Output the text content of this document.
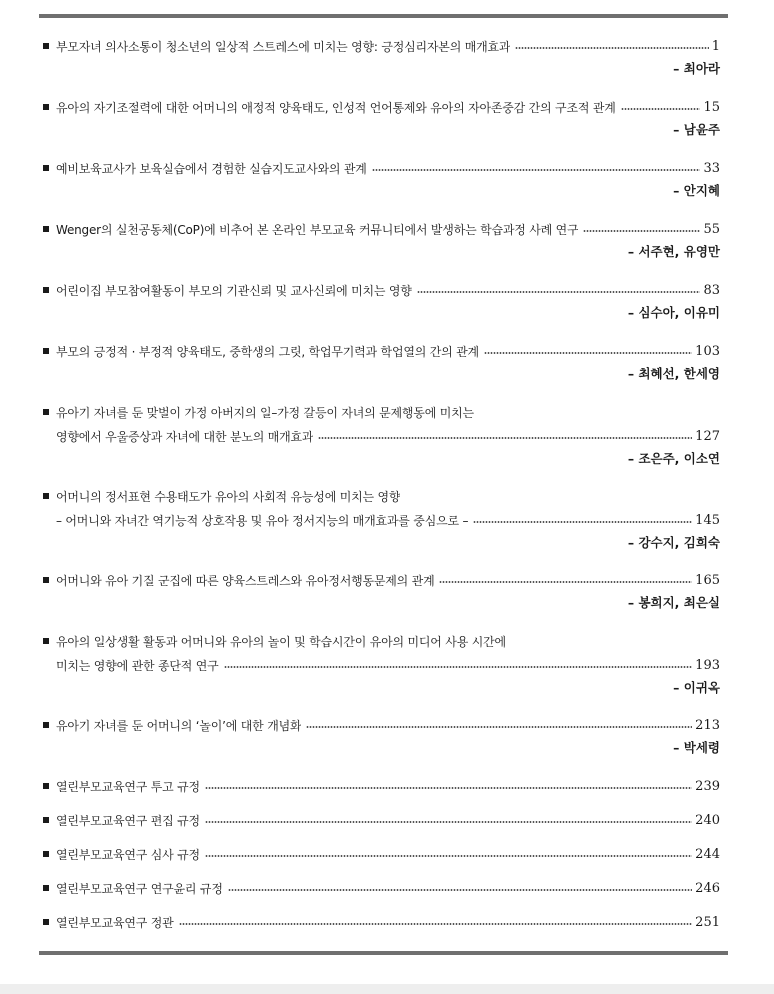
부모자녀 의사소통이 청소년의 일상적 스트레스에 미치는 영향: 긍정심리자본의 매개효과	1
– 최아라
유아의 자기조절력에 대한 어머니의 애정적 양육태도, 인성적 언어통제와 유아의 자아존중감 간의 구조적 관계	15
– 남윤주
예비보육교사가 보육실습에서 경험한 실습지도교사와의 관계	33
– 안지혜
Wenger의 실천공동체(CoP)에 비추어 본 온라인 부모교육 커뮤니티에서 발생하는 학습과정 사례 연구	55
– 서주현, 유영만
어린이집 부모참여활동이 부모의 기관신뢰 및 교사신뢰에 미치는 영향	83
– 심수아, 이유미
부모의 긍정적 · 부정적 양육태도, 중학생의 그릿, 학업무기력과 학업열의 간의 관계	103
– 최혜선, 한세영
유아기 자녀를 둔 맞벌이 가정 아버지의 일–가정 갈등이 자녀의 문제행동에 미치는
영향에서 우울증상과 자녀에 대한 분노의 매개효과	127
– 조은주, 이소연
어머니의 정서표현 수용태도가 유아의 사회적 유능성에 미치는 영향
– 어머니와 자녀간 역기능적 상호작용 및 유아 정서지능의 매개효과를 중심으로 –	145
– 강수지, 김희숙
어머니와 유아 기질 군집에 따른 양육스트레스와 유아정서행동문제의 관계	165
– 봉희지, 최은실
유아의 일상생활 활동과 어머니와 유아의 놀이 및 학습시간이 유아의 미디어 사용 시간에
미치는 영향에 관한 종단적 연구	193
– 이귀옥
유아기 자녀를 둔 어머니의 ‘놀이’에 대한 개념화	213
– 박세령
열린부모교육연구 투고 규정	239
열린부모교육연구 편집 규정	240
열린부모교육연구 심사 규정	244
열린부모교육연구 연구윤리 규정	246
열린부모교육연구 정관	251
